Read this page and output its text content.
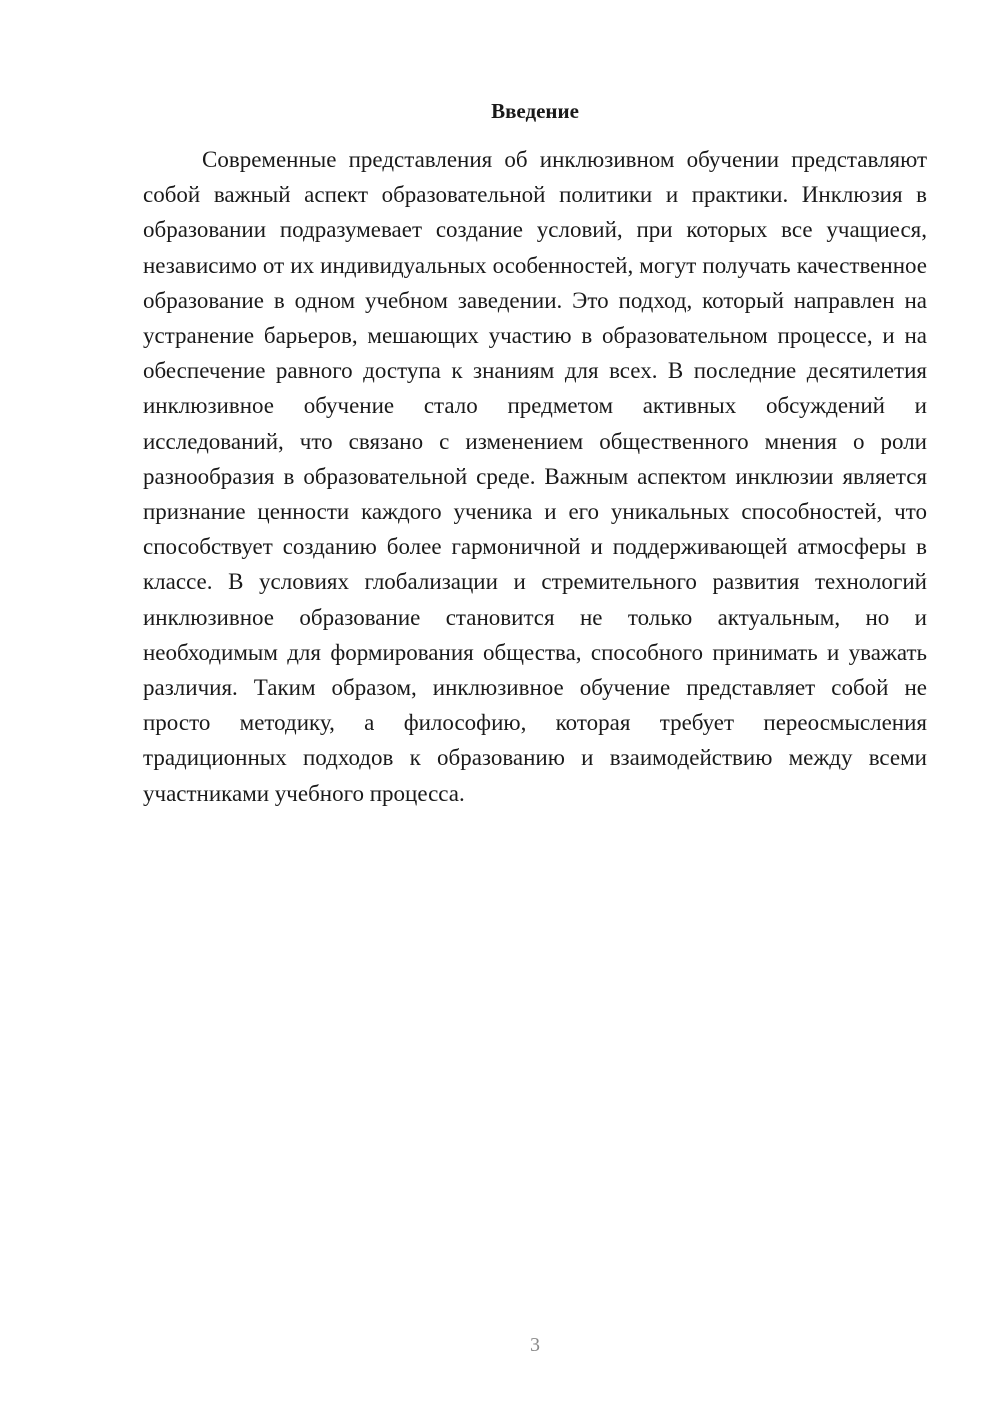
Введение

Современные представления об инклюзивном обучении представляют собой важный аспект образовательной политики и практики. Инклюзия в образовании подразумевает создание условий, при которых все учащиеся, независимо от их индивидуальных особенностей, могут получать качественное образование в одном учебном заведении. Это подход, который направлен на устранение барьеров, мешающих участию в образовательном процессе, и на обеспечение равного доступа к знаниям для всех. В последние десятилетия инклюзивное обучение стало предметом активных обсуждений и исследований, что связано с изменением общественного мнения о роли разнообразия в образовательной среде. Важным аспектом инклюзии является признание ценности каждого ученика и его уникальных способностей, что способствует созданию более гармоничной и поддерживающей атмосферы в классе. В условиях глобализации и стремительного развития технологий инклюзивное образование становится не только актуальным, но и необходимым для формирования общества, способного принимать и уважать различия. Таким образом, инклюзивное обучение представляет собой не просто методику, а философию, которая требует переосмысления традиционных подходов к образованию и взаимодействию между всеми участниками учебного процесса.

3
